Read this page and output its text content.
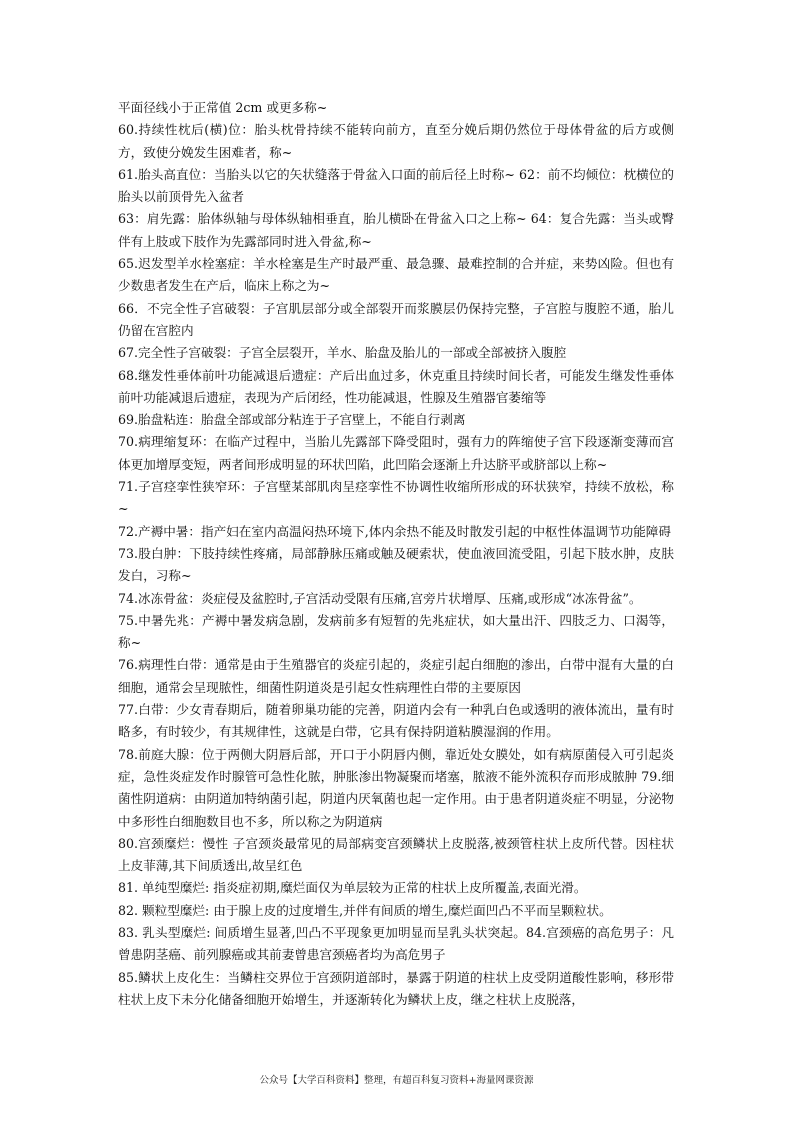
平面径线小于正常值 2cm 或更多称~

60.持续性枕后(横)位：胎头枕骨持续不能转向前方，直至分娩后期仍然位于母体骨盆的后方或侧方，致使分娩发生困难者，称~

61.胎头高直位：当胎头以它的矢状缝落于骨盆入口面的前后径上时称~ 62：前不均倾位：枕横位的胎头以前顶骨先入盆者

63：肩先露：胎体纵轴与母体纵轴相垂直，胎儿横卧在骨盆入口之上称~ 64：复合先露：当头或臀伴有上肢或下肢作为先露部同时进入骨盆,称~

65.迟发型羊水栓塞症：羊水栓塞是生产时最严重、最急骤、最难控制的合并症，来势凶险。但也有少数患者发生在产后，临床上称之为~

66．不完全性子宫破裂：子宫肌层部分或全部裂开而浆膜层仍保持完整，子宫腔与腹腔不通，胎儿仍留在宫腔内

67.完全性子宫破裂：子宫全层裂开，羊水、胎盘及胎儿的一部或全部被挤入腹腔

68.继发性垂体前叶功能减退后遗症：产后出血过多，休克重且持续时间长者，可能发生继发性垂体前叶功能减退后遗症，表现为产后闭经，性功能减退，性腺及生殖器官萎缩等

69.胎盘粘连：胎盘全部或部分粘连于子宫壁上，不能自行剥离

70.病理缩复环：在临产过程中，当胎儿先露部下降受阻时，强有力的阵缩使子宫下段逐渐变薄而宫体更加增厚变短，两者间形成明显的环状凹陷，此凹陷会逐渐上升达脐平或脐部以上称~

71.子宫痉挛性狭窄环：子宫壁某部肌肉呈痉挛性不协调性收缩所形成的环状狭窄，持续不放松，称~

72.产褥中暑：指产妇在室内高温闷热环境下,体内余热不能及时散发引起的中枢性体温调节功能障碍

73.股白肿：下肢持续性疼痛，局部静脉压痛或触及硬索状，使血液回流受阻，引起下肢水肿，皮肤发白，习称~

74.冰冻骨盆：炎症侵及盆腔时,子宫活动受限有压痛,宫旁片状增厚、压痛,或形成“冰冻骨盆”。

75.中暑先兆：产褥中暑发病急剧，发病前多有短暂的先兆症状，如大量出汗、四肢乏力、口渴等，称~

76.病理性白带：通常是由于生殖器官的炎症引起的，炎症引起白细胞的渗出，白带中混有大量的白细胞，通常会呈现脓性，细菌性阴道炎是引起女性病理性白带的主要原因

77.白带：少女青春期后，随着卵巢功能的完善，阴道内会有一种乳白色或透明的液体流出，量有时略多，有时较少，有其规律性，这就是白带，它具有保持阴道粘膜湿润的作用。

78.前庭大腺：位于两侧大阴唇后部，开口于小阴唇内侧，靠近处女膜处，如有病原菌侵入可引起炎症，急性炎症发作时腺管可急性化脓，肿胀渗出物凝聚而堵塞，脓液不能外流积存而形成脓肿 79.细菌性阴道病：由阴道加特纳菌引起，阴道内厌氧菌也起一定作用。由于患者阴道炎症不明显，分泌物中多形性白细胞数目也不多，所以称之为阴道病

80.宫颈糜烂：慢性 子宫颈炎最常见的局部病变宫颈鳞状上皮脱落,被颈管柱状上皮所代替。因柱状上皮菲薄,其下间质透出,故呈红色

81. 单纯型糜烂: 指炎症初期,糜烂面仅为单层较为正常的柱状上皮所覆盖,表面光滑。

82. 颗粒型糜烂: 由于腺上皮的过度增生,并伴有间质的增生,糜烂面凹凸不平而呈颗粒状。

83. 乳头型糜烂: 间质增生显著,凹凸不平现象更加明显而呈乳头状突起。84.宫颈癌的高危男子：凡曾患阴茎癌、前列腺癌或其前妻曾患宫颈癌者均为高危男子

85.鳞状上皮化生：当鳞柱交界位于宫颈阴道部时，暴露于阴道的柱状上皮受阴道酸性影响，移形带柱状上皮下未分化储备细胞开始增生，并逐渐转化为鳞状上皮，继之柱状上皮脱落，

公众号【大学百科资料】整理，有超百科复习资料+海量网课资源
